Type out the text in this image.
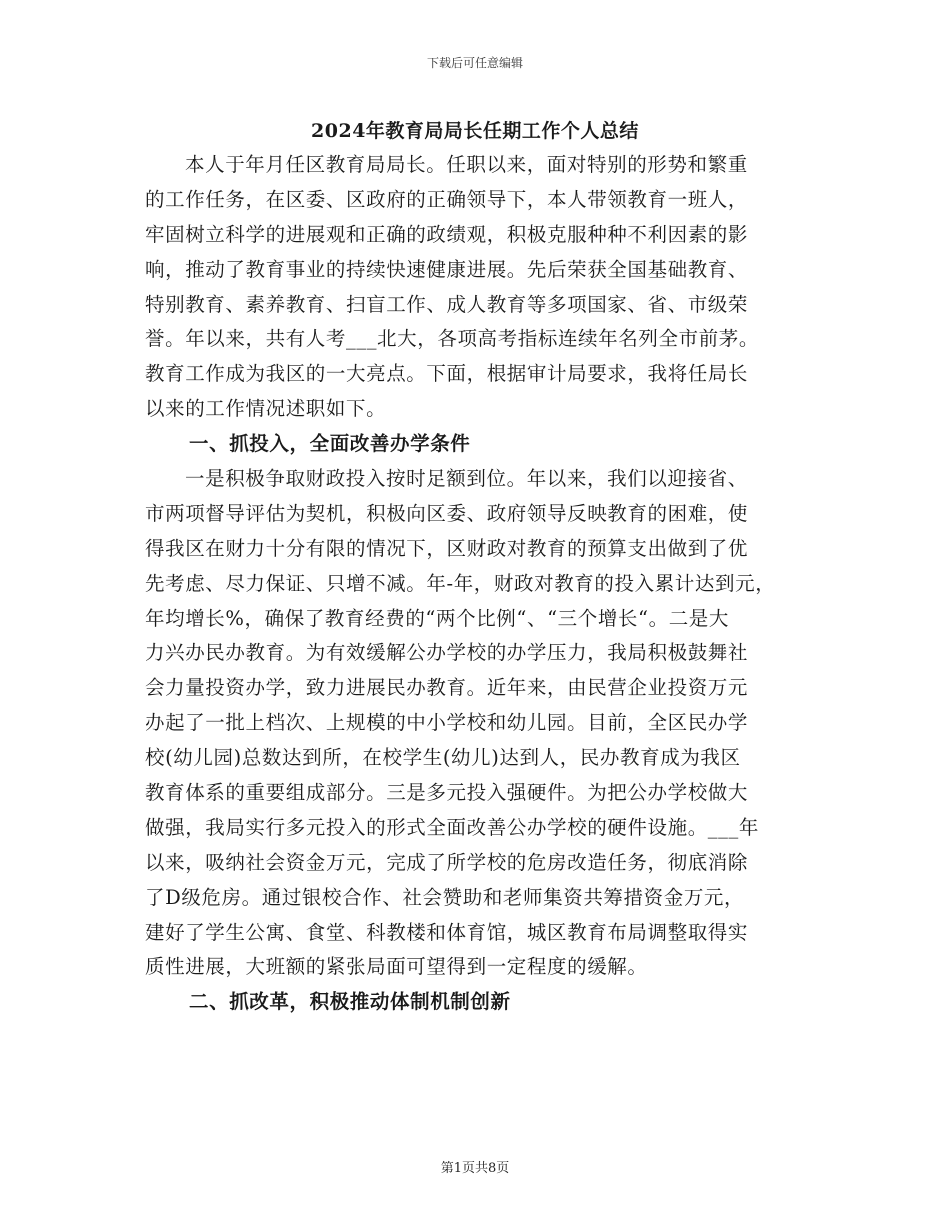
下载后可任意编辑
2024年教育局局长任期工作个人总结
本人于年月任区教育局局长。任职以来，面对特别的形势和繁重
的工作任务，在区委、区政府的正确领导下，本人带领教育一班人，
牢固树立科学的进展观和正确的政绩观，积极克服种种不利因素的影
响，推动了教育事业的持续快速健康进展。先后荣获全国基础教育、
特别教育、素养教育、扫盲工作、成人教育等多项国家、省、市级荣
誉。年以来，共有人考___北大，各项高考指标连续年名列全市前茅。
教育工作成为我区的一大亮点。下面，根据审计局要求，我将任局长
以来的工作情况述职如下。
一、抓投入，全面改善办学条件
一是积极争取财政投入按时足额到位。年以来，我们以迎接省、
市两项督导评估为契机，积极向区委、政府领导反映教育的困难，使
得我区在财力十分有限的情况下，区财政对教育的预算支出做到了优
先考虑、尽力保证、只增不减。年-年，财政对教育的投入累计达到元，
年均增长%，确保了教育经费的“两个比例“、“三个增长“。二是大
力兴办民办教育。为有效缓解公办学校的办学压力，我局积极鼓舞社
会力量投资办学，致力进展民办教育。近年来，由民营企业投资万元
办起了一批上档次、上规模的中小学校和幼儿园。目前，全区民办学
校(幼儿园)总数达到所，在校学生(幼儿)达到人，民办教育成为我区
教育体系的重要组成部分。三是多元投入强硬件。为把公办学校做大
做强，我局实行多元投入的形式全面改善公办学校的硬件设施。___年
以来，吸纳社会资金万元，完成了所学校的危房改造任务，彻底消除
了D级危房。通过银校合作、社会赞助和老师集资共筹措资金万元，
建好了学生公寓、食堂、科教楼和体育馆，城区教育布局调整取得实
质性进展，大班额的紧张局面可望得到一定程度的缓解。
二、抓改革，积极推动体制机制创新
第1页共8页
